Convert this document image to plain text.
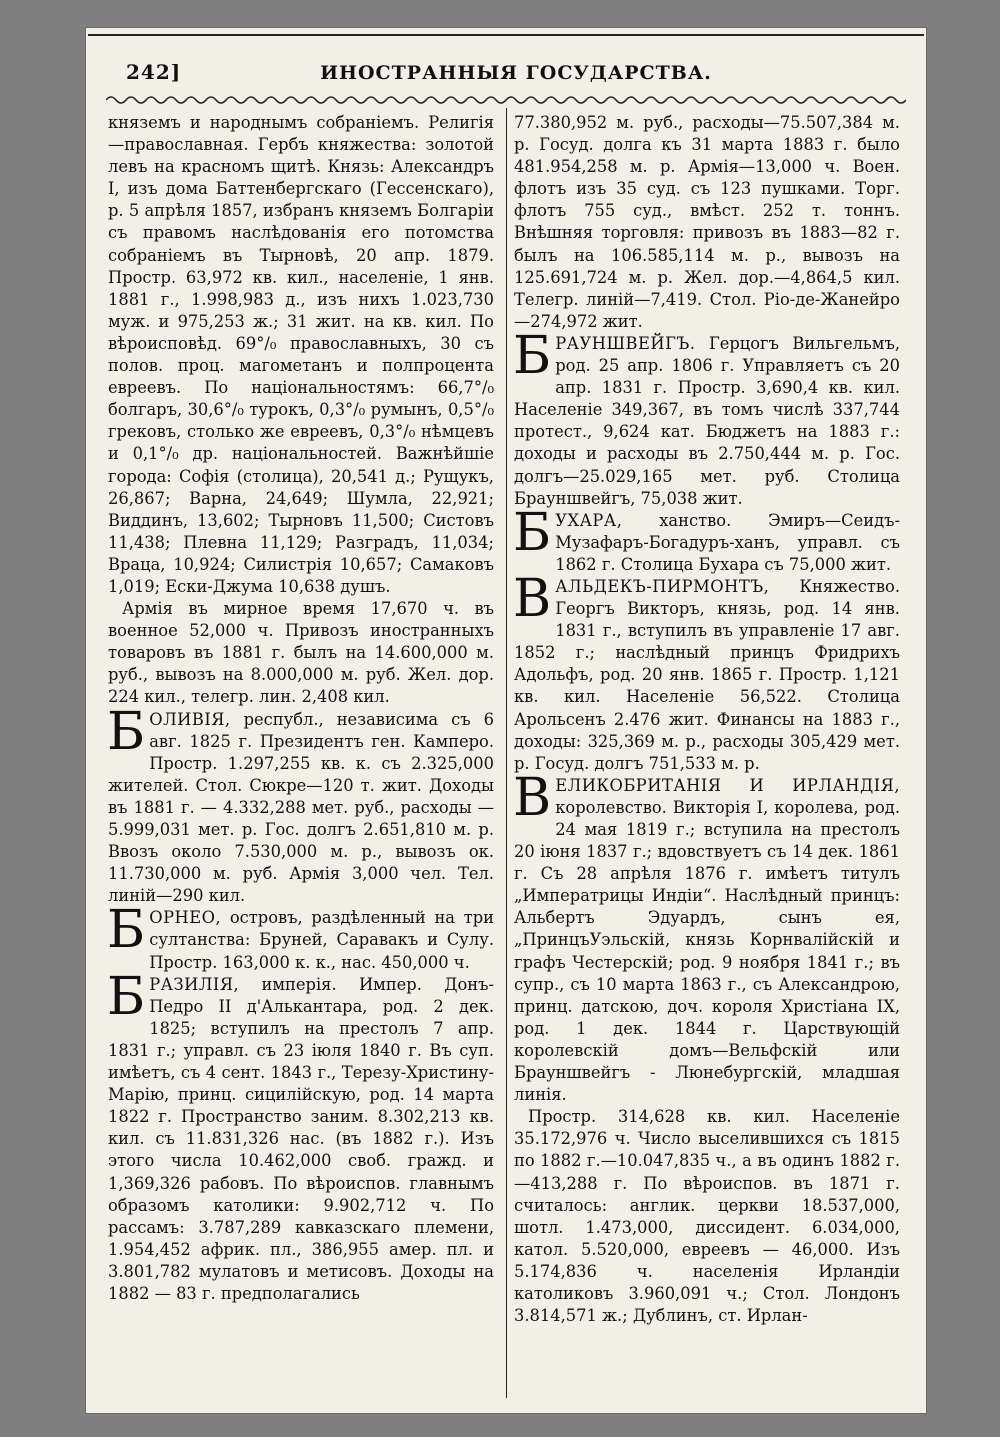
242]	ИНОСТРАННЫЯ ГОСУДАРСТВА.

княземъ и народнымъ собраніемъ. Религія—православная. Гербъ княжества: золотой левъ на красномъ щитѣ. Князь: Александръ I, изъ дома Баттенбергскаго (Гессенскаго), р. 5 апрѣля 1857, избранъ княземъ Болгаріи съ правомъ наслѣдованія его потомства собраніемъ въ Тырновѣ, 20 апр. 1879. Простр. 63,972 кв. кил., населеніе, 1 янв. 1881 г., 1.998,983 д., изъ нихъ 1.023,730 муж. и 975,253 ж.; 31 жит. на кв. кил. По вѣроисповѣд. 69°/₀ православныхъ, 30 съ полов. проц. магометанъ и полпроцента евреевъ. По національностямъ: 66,7°/₀ болгаръ, 30,6°/₀ турокъ, 0,3°/₀ румынъ, 0,5°/₀ грековъ, столько же евреевъ, 0,3°/₀ нѣмцевъ и 0,1°/₀ др. національностей. Важнѣйшіе города: Софія (столица), 20,541 д.; Рущукъ, 26,867; Варна, 24,649; Шумла, 22,921; Виддинъ, 13,602; Тырновъ 11,500; Систовъ 11,438; Плевна 11,129; Разградъ, 11,034; Враца, 10,924; Силистрія 10,657; Самаковъ 1,019; Ески-Джума 10,638 душъ.

Армія въ мирное время 17,670 ч. въ военное 52,000 ч. Привозъ иностранныхъ товаровъ въ 1881 г. былъ на 14.600,000 м. руб., вывозъ на 8.000,000 м. руб. Жел. дор. 224 кил., телегр. лин. 2,408 кил.

БОЛИВІЯ, республ., независима съ 6 авг. 1825 г. Президентъ ген. Камперо. Простр. 1.297,255 кв. к. съ 2.325,000 жителей. Стол. Сюкре—120 т. жит. Доходы въ 1881 г. — 4.332,288 мет. руб., расходы — 5.999,031 мет. р. Гос. долгъ 2.651,810 м. р. Ввозъ около 7.530,000 м. р., вывозъ ок. 11.730,000 м. руб. Армія 3,000 чел. Тел. линій—290 кил.

БОРНЕО, островъ, раздѣленный на три султанства: Бруней, Саравакъ и Сулу. Простр. 163,000 к. к., нас. 450,000 ч.

БРАЗИЛІЯ, имперія. Импер. Донъ-Педро II д'Алькантара, род. 2 дек. 1825; вступилъ на престолъ 7 апр. 1831 г.; управл. съ 23 іюля 1840 г. Въ суп. имѣетъ, съ 4 сент. 1843 г., Терезу-Христину-Марію, принц. сицилійскую, род. 14 марта 1822 г. Пространство заним. 8.302,213 кв. кил. съ 11.831,326 нас. (въ 1882 г.). Изъ этого числа 10.462,000 своб. гражд. и 1,369,326 рабовъ. По вѣроиспов. главнымъ образомъ католики: 9.902,712 ч. По рассамъ: 3.787,289 кавказскаго племени, 1.954,452 африк. пл., 386,955 амер. пл. и 3.801,782 мулатовъ и метисовъ. Доходы на 1882 — 83 г. предполагались

77.380,952 м. руб., расходы—75.507,384 м. р. Госуд. долга къ 31 марта 1883 г. было 481.954,258 м. р. Армія—13,000 ч. Воен. флотъ изъ 35 суд. съ 123 пушками. Торг. флотъ 755 суд., вмѣст. 252 т. тоннъ. Внѣшняя торговля: привозъ въ 1883—82 г. былъ на 106.585,114 м. р., вывозъ на 125.691,724 м. р. Жел. дор.—4,864,5 кил. Телегр. линій—7,419. Стол. Ріо-де-Жанейро—274,972 жит.

БРАУНШВЕЙГЪ. Герцогъ Вильгельмъ, род. 25 апр. 1806 г. Управляетъ съ 20 апр. 1831 г. Простр. 3,690,4 кв. кил. Населеніе 349,367, въ томъ числѣ 337,744 протест., 9,624 кат. Бюджетъ на 1883 г.: доходы и расходы въ 2.750,444 м. р. Гос. долгъ—25.029,165 мет. руб. Столица Брауншвейгъ, 75,038 жит.

БУХАРА, ханство. Эмиръ—Сеидъ-Музафаръ-Богадуръ-ханъ, управл. съ 1862 г. Столица Бухара съ 75,000 жит.

ВАЛЬДЕКЪ-ПИРМОНТЪ, Княжество. Георгъ Викторъ, князь, род. 14 янв. 1831 г., вступилъ въ управленіе 17 авг. 1852 г.; наслѣдный принцъ Фридрихъ Адольфъ, род. 20 янв. 1865 г. Простр. 1,121 кв. кил. Населеніе 56,522. Столица Арольсенъ 2.476 жит. Финансы на 1883 г., доходы: 325,369 м. р., расходы 305,429 мет. р. Госуд. долгъ 751,533 м. р.

ВЕЛИКОБРИТАНІЯ И ИРЛАНДІЯ, королевство. Викторія I, королева, род. 24 мая 1819 г.; вступила на престолъ 20 іюня 1837 г.; вдовствуетъ съ 14 дек. 1861 г. Съ 28 апрѣля 1876 г. имѣетъ титулъ „Императрицы Индіи“. Наслѣдный принцъ: Альбертъ Эдуардъ, сынъ ея, „ПринцъУэльскій, князь Корнвалійскій и графъ Честерскій; род. 9 ноября 1841 г.; въ супр., съ 10 марта 1863 г., съ Александрою, принц. датскою, доч. короля Христіана IX, род. 1 дек. 1844 г. Царствующій королевскій домъ—Вельфскій или Брауншвейгъ - Люнебургскій, младшая линія.

Простр. 314,628 кв. кил. Населеніе 35.172,976 ч. Число выселившихся съ 1815 по 1882 г.—10.047,835 ч., а въ одинъ 1882 г.—413,288 г. По вѣроиспов. въ 1871 г. считалось: англик. церкви 18.537,000, шотл. 1.473,000, диссидент. 6.034,000, катол. 5.520,000, евреевъ — 46,000. Изъ 5.174,836 ч. населенія Ирландіи католиковъ 3.960,091 ч.; Стол. Лондонъ 3.814,571 ж.; Дублинъ, ст. Ирлан-
